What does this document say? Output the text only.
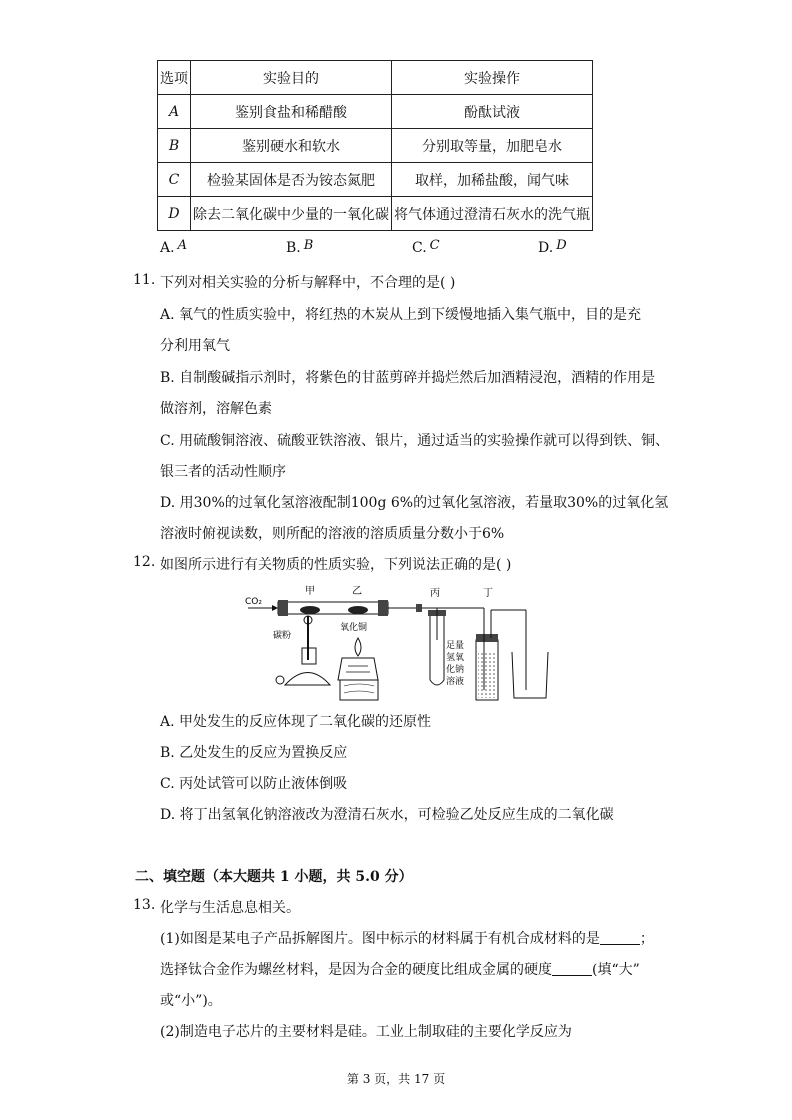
选项	实验目的	实验操作
A	鉴别食盐和稀醋酸	酚酞试液
B	鉴别硬水和软水	分别取等量，加肥皂水
C	检验某固体是否为铵态氮肥	取样，加稀盐酸，闻气味
D	除去二氧化碳中少量的一氧化碳	将气体通过澄清石灰水的洗气瓶
A. A	B. B	C. C	D. D
11. 下列对相关实验的分析与解释中，不合理的是( )
A. 氧气的性质实验中，将红热的木炭从上到下缓慢地插入集气瓶中，目的是充
分利用氧气
B. 自制酸碱指示剂时，将紫色的甘蓝剪碎并捣烂然后加酒精浸泡，酒精的作用是
做溶剂，溶解色素
C. 用硫酸铜溶液、硫酸亚铁溶液、银片，通过适当的实验操作就可以得到铁、铜、
银三者的活动性顺序
D. 用30%的过氧化氢溶液配制100g 6%的过氧化氢溶液，若量取30%的过氧化氢
溶液时俯视读数，则所配的溶液的溶质质量分数小于6%
12. 如图所示进行有关物质的性质实验，下列说法正确的是( )
CO₂
甲	乙
碳粉
氧化铜
丙	丁
足量
氢氧
化钠
溶液
A. 甲处发生的反应体现了二氧化碳的还原性
B. 乙处发生的反应为置换反应
C. 丙处试管可以防止液体倒吸
D. 将丁出氢氧化钠溶液改为澄清石灰水，可检验乙处反应生成的二氧化碳
二、填空题（本大题共 1 小题，共 5.0 分）
13. 化学与生活息息相关。
(1)如图是某电子产品拆解图片。图中标示的材料属于有机合成材料的是	；
选择钛合金作为螺丝材料，是因为合金的硬度比组成金属的硬度	(填“大”
或“小”)。
(2)制造电子芯片的主要材料是硅。工业上制取硅的主要化学反应为
第 3 页，共 17 页
